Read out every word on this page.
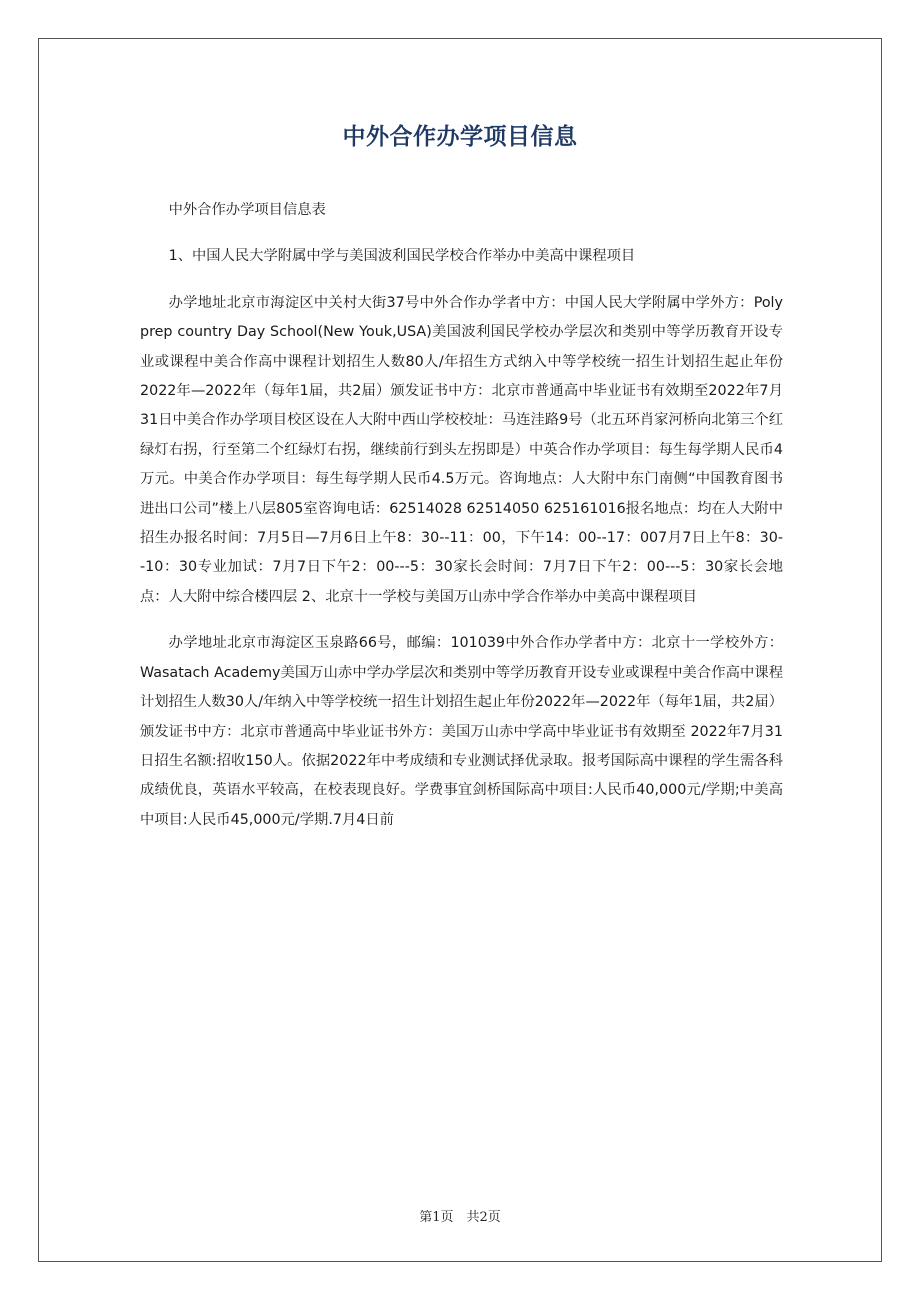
中外合作办学项目信息

中外合作办学项目信息表

1、中国人民大学附属中学与美国波利国民学校合作举办中美高中课程项目

办学地址北京市海淀区中关村大街37号中外合作办学者中方：中国人民大学附属中学外方：Poly prep country Day School(New Youk,USA)美国波利国民学校办学层次和类别中等学历教育开设专业或课程中美合作高中课程计划招生人数80人/年招生方式纳入中等学校统一招生计划招生起止年份2022年—2022年（每年1届，共2届）颁发证书中方：北京市普通高中毕业证书有效期至2022年7月31日中美合作办学项目校区设在人大附中西山学校校址：马连洼路9号（北五环肖家河桥向北第三个红绿灯右拐，行至第二个红绿灯右拐，继续前行到头左拐即是）中英合作办学项目：每生每学期人民币4万元。中美合作办学项目：每生每学期人民币4.5万元。咨询地点：人大附中东门南侧“中国教育图书进出口公司”楼上八层805室咨询电话：62514028 62514050 625161016报名地点：均在人大附中招生办报名时间：7月5日—7月6日上午8：30--11：00，下午14：00--17：007月7日上午8：30--10：30专业加试：7月7日下午2：00---5：30家长会时间：7月7日下午2：00---5：30家长会地点：人大附中综合楼四层 2、北京十一学校与美国万山赤中学合作举办中美高中课程项目

办学地址北京市海淀区玉泉路66号，邮编：101039中外合作办学者中方：北京十一学校外方：Wasatach Academy美国万山赤中学办学层次和类别中等学历教育开设专业或课程中美合作高中课程计划招生人数30人/年纳入中等学校统一招生计划招生起止年份2022年—2022年（每年1届，共2届）颁发证书中方：北京市普通高中毕业证书外方：美国万山赤中学高中毕业证书有效期至 2022年7月31日招生名额:招收150人。依据2022年中考成绩和专业测试择优录取。报考国际高中课程的学生需各科成绩优良，英语水平较高，在校表现良好。学费事宜剑桥国际高中项目:人民币40,000元/学期;中美高中项目:人民币45,000元/学期.7月4日前

第1页　共2页
